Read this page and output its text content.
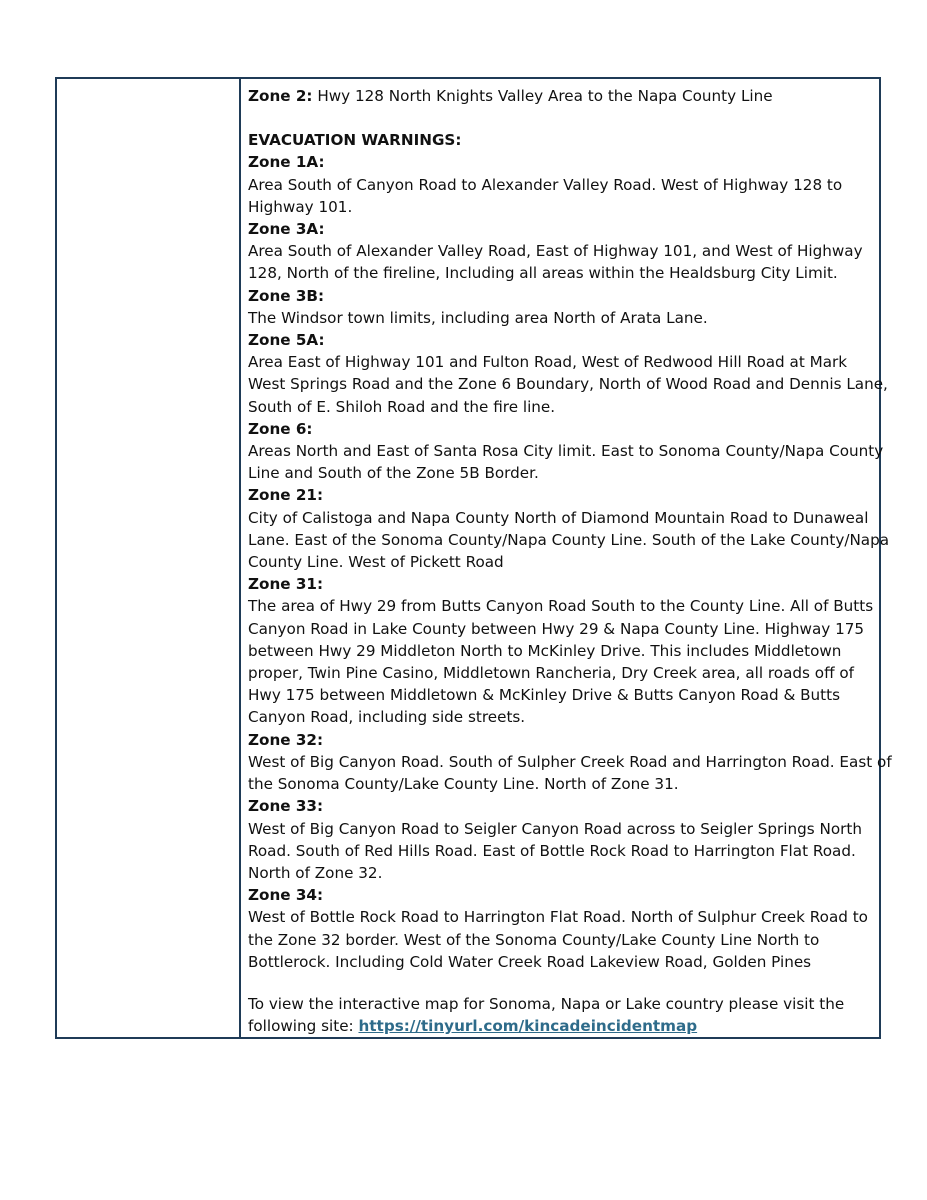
Zone 2: Hwy 128 North Knights Valley Area to the Napa County Line
EVACUATION WARNINGS:
Zone 1A:
Area South of Canyon Road to Alexander Valley Road. West of Highway 128 to
Highway 101.
Zone 3A:
Area South of Alexander Valley Road, East of Highway 101, and West of Highway
128, North of the fireline, Including all areas within the Healdsburg City Limit.
Zone 3B:
The Windsor town limits, including area North of Arata Lane.
Zone 5A:
Area East of Highway 101 and Fulton Road, West of Redwood Hill Road at Mark
West Springs Road and the Zone 6 Boundary, North of Wood Road and Dennis Lane,
South of E. Shiloh Road and the fire line.
Zone 6:
Areas North and East of Santa Rosa City limit. East to Sonoma County/Napa County
Line and South of the Zone 5B Border.
Zone 21:
City of Calistoga and Napa County North of Diamond Mountain Road to Dunaweal
Lane. East of the Sonoma County/Napa County Line. South of the Lake County/Napa
County Line. West of Pickett Road
Zone 31:
The area of Hwy 29 from Butts Canyon Road South to the County Line. All of Butts
Canyon Road in Lake County between Hwy 29 & Napa County Line. Highway 175
between Hwy 29 Middleton North to McKinley Drive. This includes Middletown
proper, Twin Pine Casino, Middletown Rancheria, Dry Creek area, all roads off of
Hwy 175 between Middletown & McKinley Drive & Butts Canyon Road & Butts
Canyon Road, including side streets.
Zone 32:
West of Big Canyon Road. South of Sulpher Creek Road and Harrington Road. East of
the Sonoma County/Lake County Line. North of Zone 31.
Zone 33:
West of Big Canyon Road to Seigler Canyon Road across to Seigler Springs North
Road. South of Red Hills Road. East of Bottle Rock Road to Harrington Flat Road.
North of Zone 32.
Zone 34:
West of Bottle Rock Road to Harrington Flat Road. North of Sulphur Creek Road to
the Zone 32 border. West of the Sonoma County/Lake County Line North to
Bottlerock. Including Cold Water Creek Road Lakeview Road, Golden Pines
To view the interactive map for Sonoma, Napa or Lake country please visit the
following site: https://tinyurl.com/kincadeincidentmap
